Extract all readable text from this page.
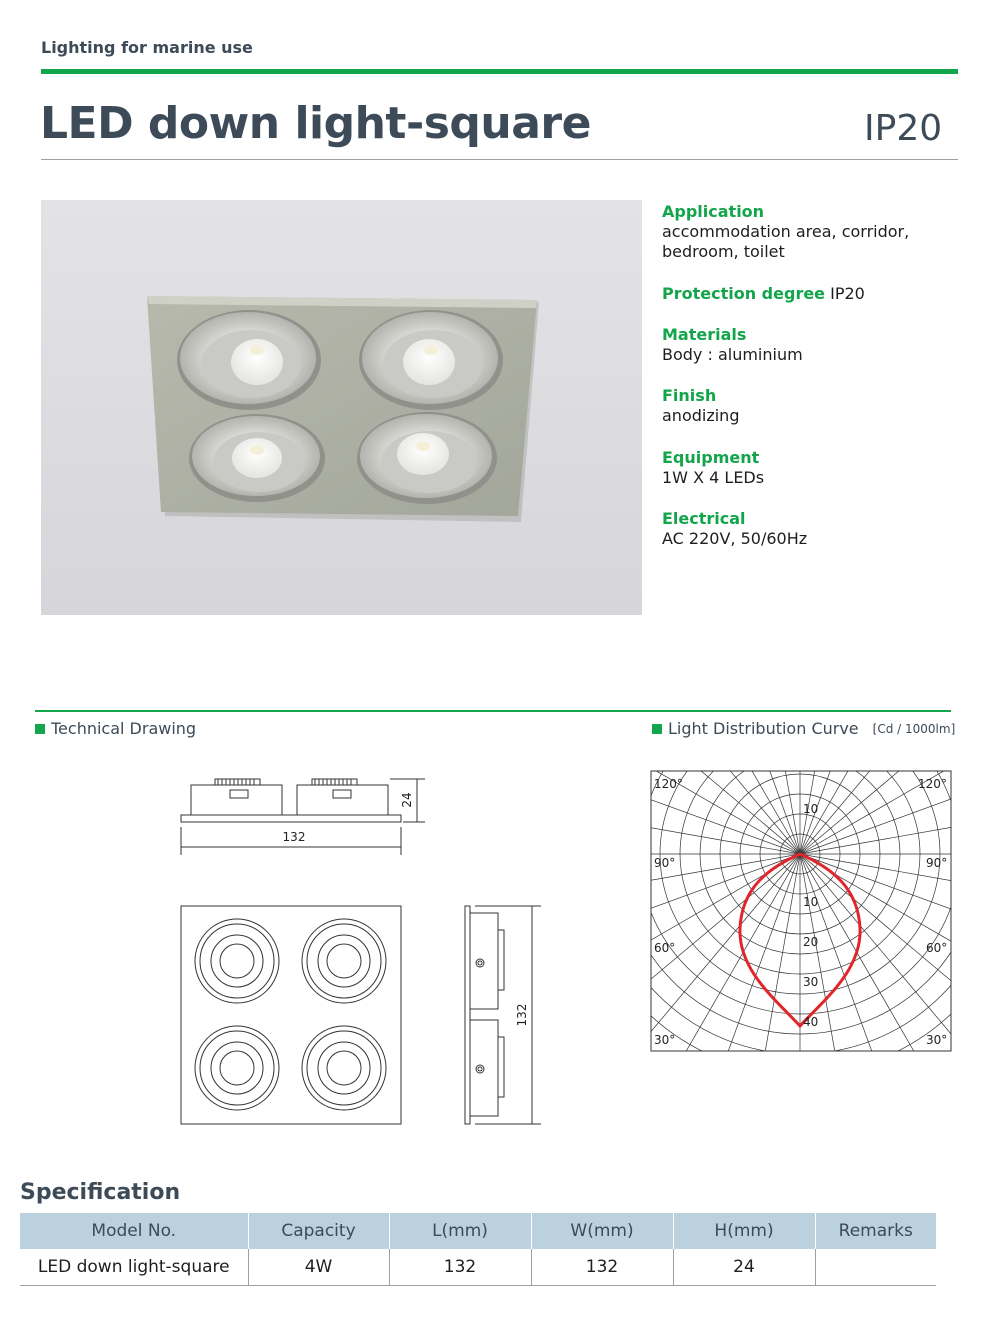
Lighting for marine use
LED down light-square	IP20
Application
accommodation area, corridor, bedroom, toilet
Protection degree IP20
Materials
Body : aluminium
Finish
anodizing
Equipment
1W X 4 LEDs
Electrical
AC 220V, 50/60Hz
Technical Drawing	Light Distribution Curve [Cd / 1000lm]
24
132
132
120°	120°
90°	90°
60°	60°
30°	30°
10
10
20
30
40
Specification
Model No.	Capacity	L(mm)	W(mm)	H(mm)	Remarks
LED down light-square	4W	132	132	24	
